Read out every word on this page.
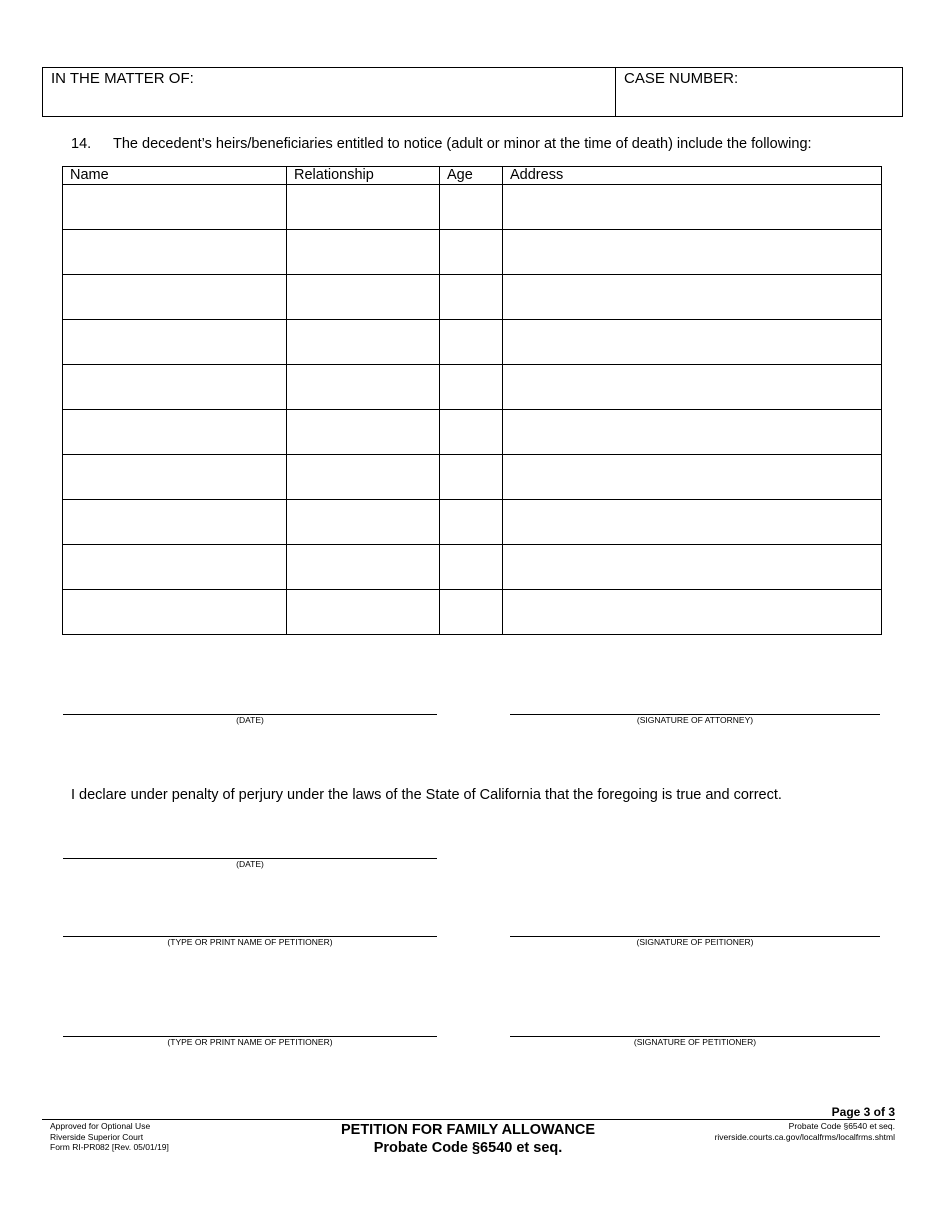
IN THE MATTER OF:	CASE NUMBER:
14. The decedent’s heirs/beneficiaries entitled to notice (adult or minor at the time of death) include the following:
Name	Relationship	Age	Address

(DATE)	(SIGNATURE OF ATTORNEY)
I declare under penalty of perjury under the laws of the State of California that the foregoing is true and correct.
(DATE)
(TYPE OR PRINT NAME OF PETITIONER)	(SIGNATURE OF PEITIONER)
(TYPE OR PRINT NAME OF PETITIONER)	(SIGNATURE OF PETITIONER)
Page 3 of 3
Approved for Optional Use
Riverside Superior Court
Form RI-PR082 [Rev. 05/01/19]
PETITION FOR FAMILY ALLOWANCE
Probate Code §6540 et seq.
Probate Code §6540 et seq.
riverside.courts.ca.gov/localfrms/localfrms.shtml
